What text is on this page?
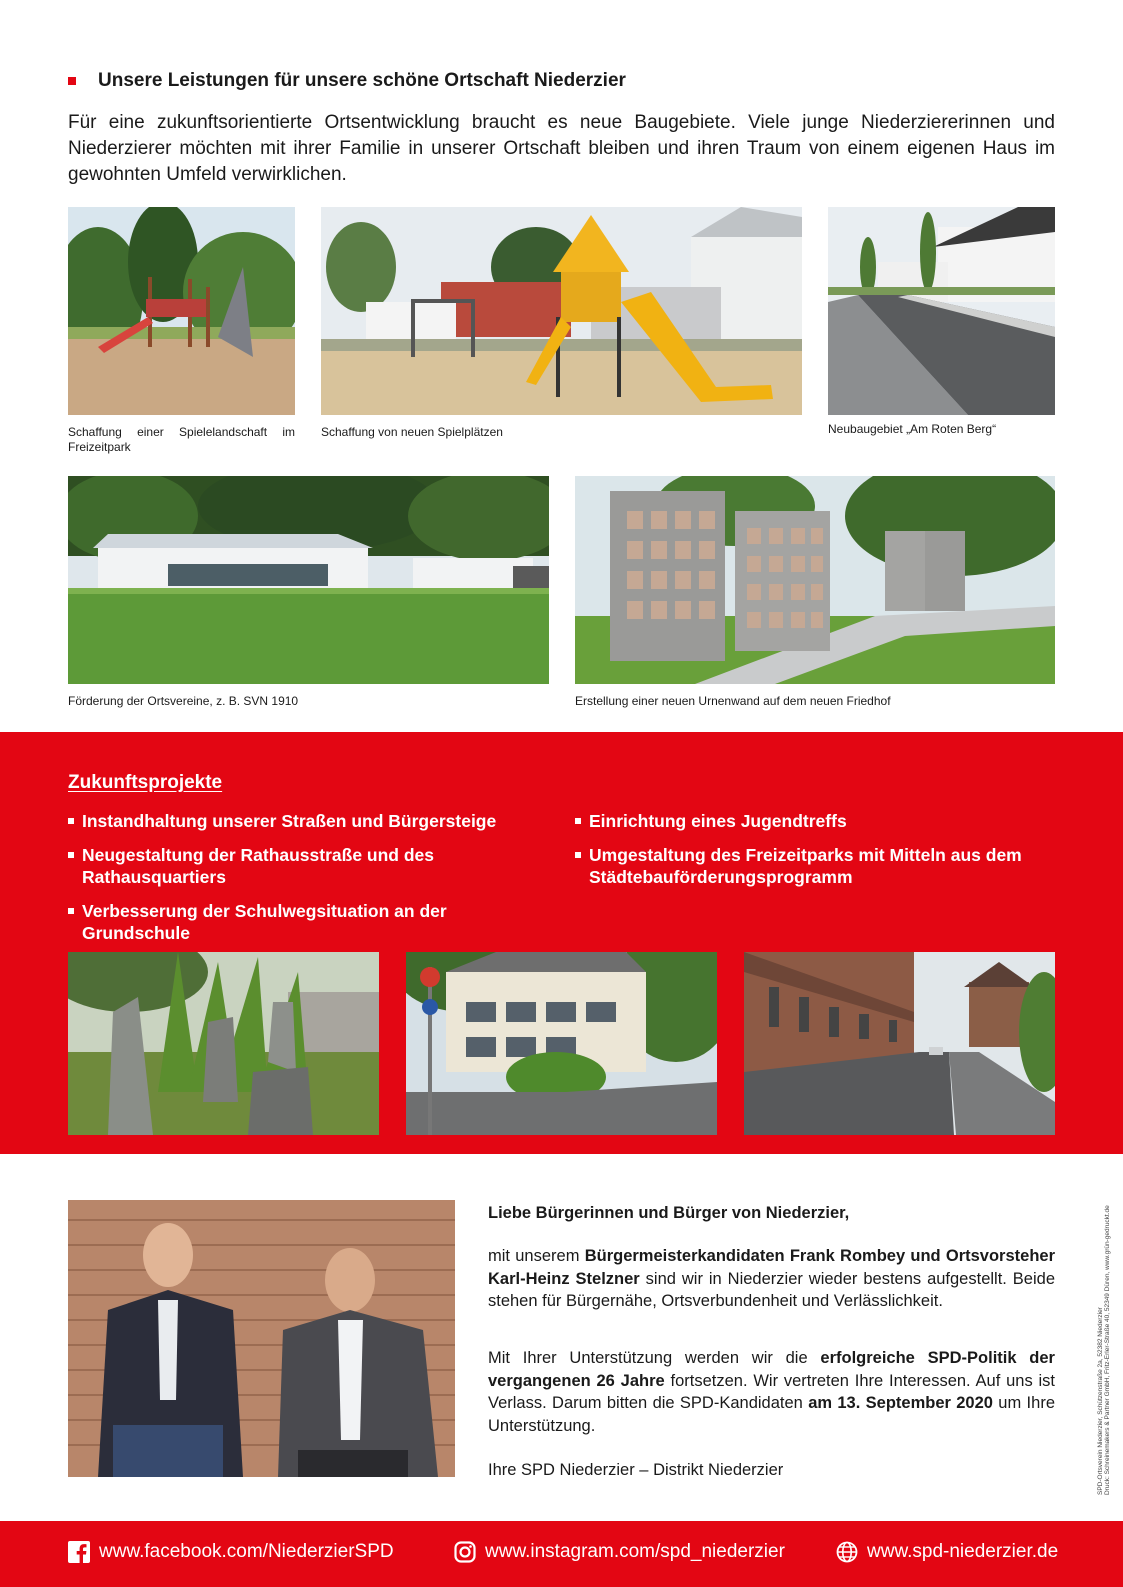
Unsere Leistungen für unsere schöne Ortschaft Niederzier

Für eine zukunftsorientierte Ortsentwicklung braucht es neue Baugebiete. Viele junge Niederziererinnen und Niederzierer möchten mit ihrer Familie in unserer Ortschaft bleiben und ihren Traum von einem eigenen Haus im gewohnten Umfeld verwirklichen.

Schaffung einer Spielelandschaft im Freizeitpark

Schaffung von neuen Spielplätzen	Neubaugebiet „Am Roten Berg“

Förderung der Ortsvereine, z. B. SVN 1910	Erstellung einer neuen Urnenwand auf dem neuen Friedhof

Zukunftsprojekte
Instandhaltung unserer Straßen und Bürgersteige
Neugestaltung der Rathausstraße und des Rathausquartiers
Verbesserung der Schulwegsituation an der Grundschule
Einrichtung eines Jugendtreffs
Umgestaltung des Freizeitparks mit Mitteln aus dem Städtebauförderungsprogramm

Liebe Bürgerinnen und Bürger von Niederzier,

mit unserem Bürgermeisterkandidaten Frank Rombey und Ortsvorsteher Karl-Heinz Stelzner sind wir in Niederzier wieder bestens aufgestellt. Beide stehen für Bürgernähe, Ortsverbundenheit und Verlässlichkeit.

Mit Ihrer Unterstützung werden wir die erfolgreiche SPD-Politik der vergangenen 26 Jahre fortsetzen. Wir vertreten Ihre Interessen. Auf uns ist Verlass. Darum bitten die SPD-Kandidaten am 13. September 2020 um Ihre Unterstützung.

Ihre SPD Niederzier – Distrikt Niederzier	SPD-Ortsverein Niederzier, Schützenstraße 2a, 52382 Niederzier Druck: Schreinemakers & Partner GmbH, Fritz-Erler-Straße 40, 52349 Düren, www.grün-gedruckt.de
www.facebook.com/NiederzierSPD	www.instagram.com/spd_niederzier	www.spd-niederzier.de
